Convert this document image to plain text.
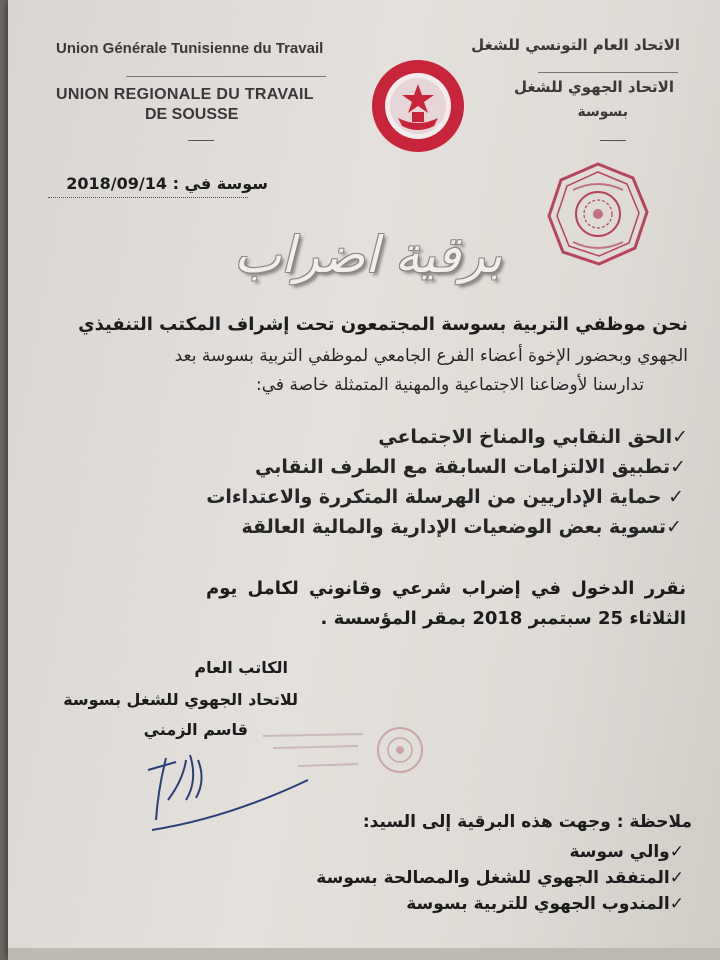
Union Générale Tunisienne du Travail
UNION REGIONALE DU TRAVAIL
DE SOUSSE
الاتحاد العام التونسي للشغل
الاتحاد الجهوي للشغل
بسوسة
سوسة في : 2018/09/14
برقية اضراب
نحن موظفي التربية بسوسة المجتمعون تحت إشراف المكتب التنفيذي
الجهوي وبحضور الإخوة أعضاء الفرع الجامعي لموظفي التربية بسوسة بعد
تدارسنا لأوضاعنا الاجتماعية والمهنية المتمثلة خاصة في:
✓الحق النقابي والمناخ الاجتماعي
✓تطبيق الالتزامات السابقة مع الطرف النقابي
✓ حماية الإداريين من الهرسلة المتكررة والاعتداءات
✓تسوية بعض الوضعيات الإدارية والمالية العالقة
نقرر الدخول في إضراب شرعي وقانوني لكامل يوم
الثلاثاء 25 سبتمبر 2018 بمقر المؤسسة .
الكاتب العام
للاتحاد الجهوي للشغل بسوسة
قاسم الزمني
ملاحظة : وجهت هذه البرقية إلى السيد:
✓والي سوسة
✓المتفقد الجهوي للشغل والمصالحة بسوسة
✓المندوب الجهوي للتربية بسوسة
